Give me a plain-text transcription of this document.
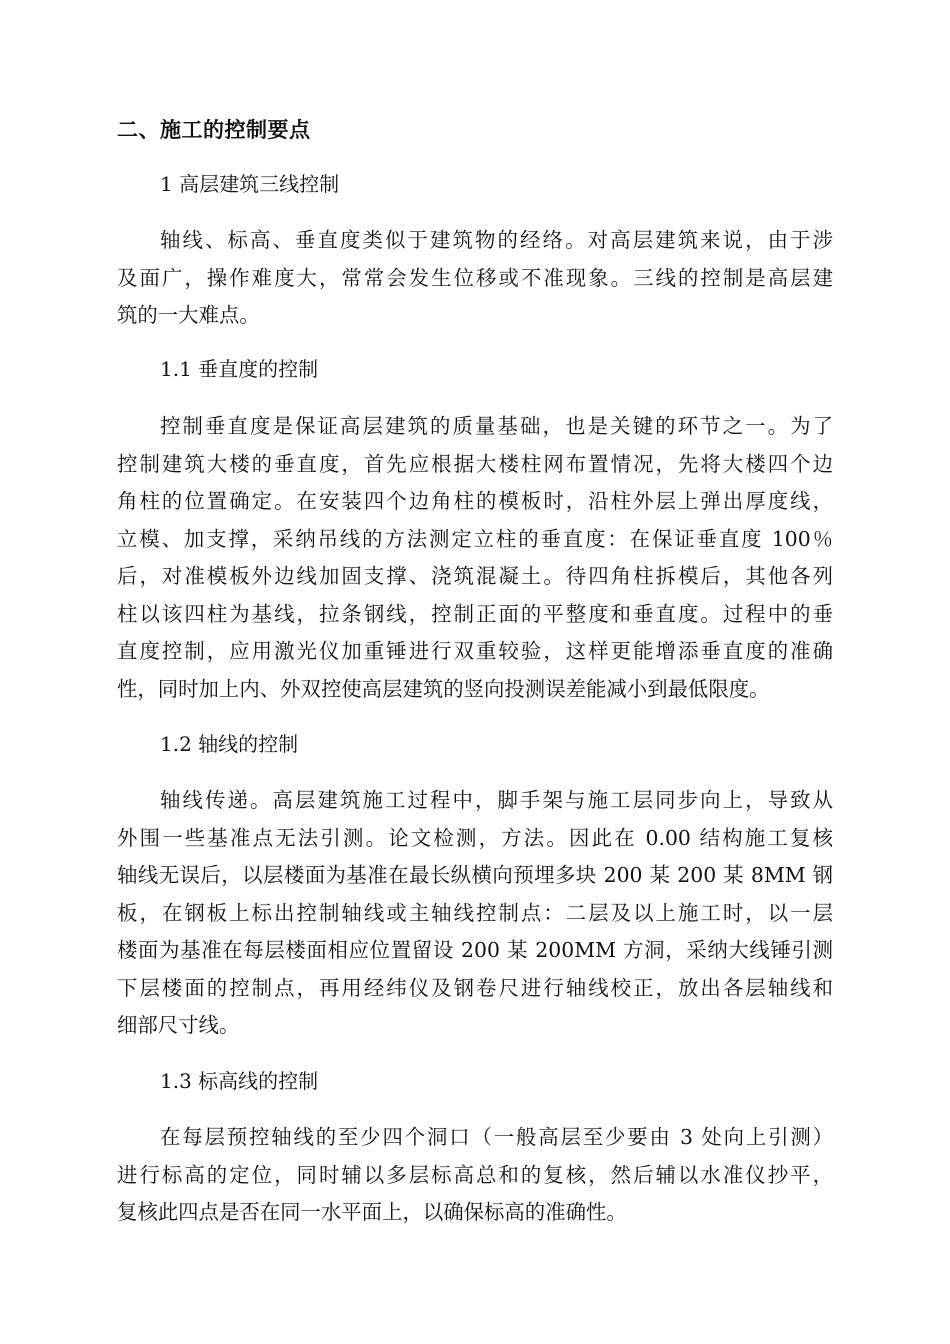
二、施工的控制要点
1 高层建筑三线控制
轴线、标高、垂直度类似于建筑物的经络。对高层建筑来说，由于涉
及面广，操作难度大，常常会发生位移或不准现象。三线的控制是高层建
筑的一大难点。
1.1 垂直度的控制
控制垂直度是保证高层建筑的质量基础，也是关键的环节之一。为了
控制建筑大楼的垂直度，首先应根据大楼柱网布置情况，先将大楼四个边
角柱的位置确定。在安装四个边角柱的模板时，沿柱外层上弹出厚度线，
立模、加支撑，采纳吊线的方法测定立柱的垂直度：在保证垂直度 100％
后，对准模板外边线加固支撑、浇筑混凝土。待四角柱拆模后，其他各列
柱以该四柱为基线，拉条钢线，控制正面的平整度和垂直度。过程中的垂
直度控制，应用激光仪加重锤进行双重较验，这样更能增添垂直度的准确
性，同时加上内、外双控使高层建筑的竖向投测误差能减小到最低限度。
1.2 轴线的控制
轴线传递。高层建筑施工过程中，脚手架与施工层同步向上，导致从
外围一些基准点无法引测。论文检测，方法。因此在 0.00 结构施工复核
轴线无误后，以层楼面为基准在最长纵横向预埋多块 200 某 200 某 8MM 钢
板，在钢板上标出控制轴线或主轴线控制点：二层及以上施工时，以一层
楼面为基准在每层楼面相应位置留设 200 某 200MM 方洞，采纳大线锤引测
下层楼面的控制点，再用经纬仪及钢卷尺进行轴线校正，放出各层轴线和
细部尺寸线。
1.3 标高线的控制
在每层预控轴线的至少四个洞口（一般高层至少要由 3 处向上引测）
进行标高的定位，同时辅以多层标高总和的复核，然后辅以水准仪抄平，
复核此四点是否在同一水平面上，以确保标高的准确性。
